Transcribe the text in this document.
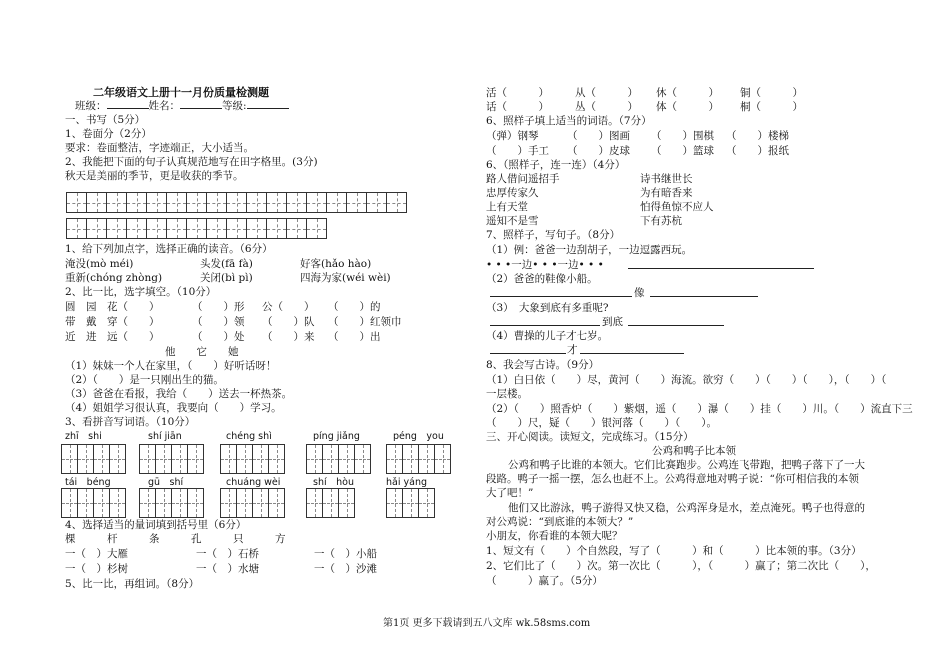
二年级语文上册十一月份质量检测题
班级：	姓名：	等级:
一、书写（5分）
1、卷面分（2分）
要求：卷面整洁，字迹端正，大小适当。
2、我能把下面的句子认真规范地写在田字格里。(3分)
秋天是美丽的季节，更是收获的季节。
1、给下列加点字，选择正确的读音。（6分）
淹没(mò méi)	头发(fā fà)	好客(hǎo hào)
重新(chóng zhòng)	关闭(bì pì)	四海为家(wéi wèi)
2、比一比，选字填空。（10分）
圆　园　花（　　）	（　　）形 公（　　） （　　）的
带　戴　穿（　　）	（　　）领 （　　）队 （　　）红领巾
近　进　远（　　）	（　　）处 （　　）来 （　　）出
他　　它　　她
（1）妹妹一个人在家里，（　　）好听话呀！
（2）（　　）是一只刚出生的猫。
（3）爸爸在看报，我给（　　）送去一杯热茶。
（4）姐姐学习很认真，我要向（　　）学习。
3、看拼音写词语。（10分）
zhī　shi	shí jiān	chéng shì	píng jiǎng	péng　you
tái　béng	gū　shí	chuáng wèi	shí　hòu	hǎi yáng
4、选择适当的量词填到括号里（6分）
棵　　　杆　　　条　　　孔　　　只　　　方
一（　）大雁	一（　）石桥	一（　）小船
一（　）杉树	一（　）水塘	一（　）沙滩
5、比一比，再组词。（8分）
活（　　　） 从（　　　） 休（　　　） 铜（　　　）
话（　　　） 丛（　　　） 体（　　　） 桐（　　　）
6、照样子填上适当的词语。（7分）
（弹）钢琴	（　　）图画 （　　）围棋 （　　）楼梯
（　　）手工 （　　）皮球 （　　）篮球 （　　）报纸
6、（照样子，连一连）（4分）
路人借问遥招手	诗书继世长
忠厚传家久	为有暗香来
上有天堂	怕得鱼惊不应人
遥知不是雪	下有苏杭
7、照样子，写句子。（8分）
（1）例：爸爸一边刮胡子，一边逗露西玩。
• • •一边• • •一边• • •
（2）爸爸的鞋像小船。
像
（3）　大象到底有多重呢?
到底
（4）曹操的儿子才七岁。
才
8、我会写古诗。（9分）
（1）白日依（　　）尽，黄河（　　）海流。欲穷（　　）（　　）（　　），（　　）（
一层楼。
（2）（　　）照香炉（　　）紫烟，遥（　　）瀑（　　）挂（　　）川。（　　）流直下三
（　　）尺，疑（　　）银河落（　　）（　　）。
三、开心阅读。读短文，完成练习。（15分）
公鸡和鸭子比本领
公鸡和鸭子比谁的本领大。它们比赛跑步。公鸡连飞带跑，把鸭子落下了一大
段路。鸭子一摇一摆，怎么也赶不上。公鸡得意地对鸭子说：“你可相信我的本领
大了吧！”
他们又比游泳，鸭子游得又快又稳，公鸡浑身是水，差点淹死。鸭子也得意的
对公鸡说：“到底谁的本领大？”
小朋友，你看谁的本领大呢？
1、短文有（　　）个自然段，写了（　　　）和（　　　）比本领的事。（3分）
2、它们比了（　　）次。第一次比（　　　），（　　　）赢了；第二次比（　　），
（　　　）赢了。（5分）
第1页 更多下载请到五八文库 wk.58sms.com
